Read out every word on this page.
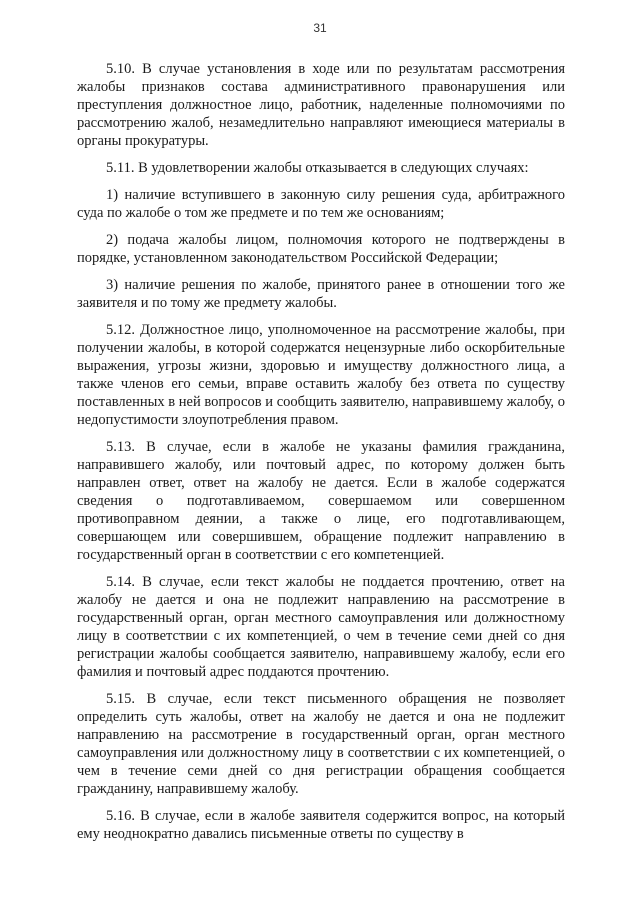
31

5.10. В случае установления в ходе или по результатам рассмотрения жалобы признаков состава административного правонарушения или преступления должностное лицо, работник, наделенные полномочиями по рассмотрению жалоб, незамедлительно направляют имеющиеся материалы в органы прокуратуры.

5.11. В удовлетворении жалобы отказывается в следующих случаях:

1) наличие вступившего в законную силу решения суда, арбитражного суда по жалобе о том же предмете и по тем же основаниям;

2) подача жалобы лицом, полномочия которого не подтверждены в порядке, установленном законодательством Российской Федерации;

3) наличие решения по жалобе, принятого ранее в отношении того же заявителя и по тому же предмету жалобы.

5.12. Должностное лицо, уполномоченное на рассмотрение жалобы, при получении жалобы, в которой содержатся нецензурные либо оскорбительные выражения, угрозы жизни, здоровью и имуществу должностного лица, а также членов его семьи, вправе оставить жалобу без ответа по существу поставленных в ней вопросов и сообщить заявителю, направившему жалобу, о недопустимости злоупотребления правом.

5.13. В случае, если в жалобе не указаны фамилия гражданина, направившего жалобу, или почтовый адрес, по которому должен быть направлен ответ, ответ на жалобу не дается. Если в жалобе содержатся сведения о подготавливаемом, совершаемом или совершенном противоправном деянии, а также о лице, его подготавливающем, совершающем или совершившем, обращение подлежит направлению в государственный орган в соответствии с его компетенцией.

5.14. В случае, если текст жалобы не поддается прочтению, ответ на жалобу не дается и она не подлежит направлению на рассмотрение в государственный орган, орган местного самоуправления или должностному лицу в соответствии с их компетенцией, о чем в течение семи дней со дня регистрации жалобы сообщается заявителю, направившему жалобу, если его фамилия и почтовый адрес поддаются прочтению.

5.15. В случае, если текст письменного обращения не позволяет определить суть жалобы, ответ на жалобу не дается и она не подлежит направлению на рассмотрение в государственный орган, орган местного самоуправления или должностному лицу в соответствии с их компетенцией, о чем в течение семи дней со дня регистрации обращения сообщается гражданину, направившему жалобу.

5.16. В случае, если в жалобе заявителя содержится вопрос, на который ему неоднократно давались письменные ответы по существу в
